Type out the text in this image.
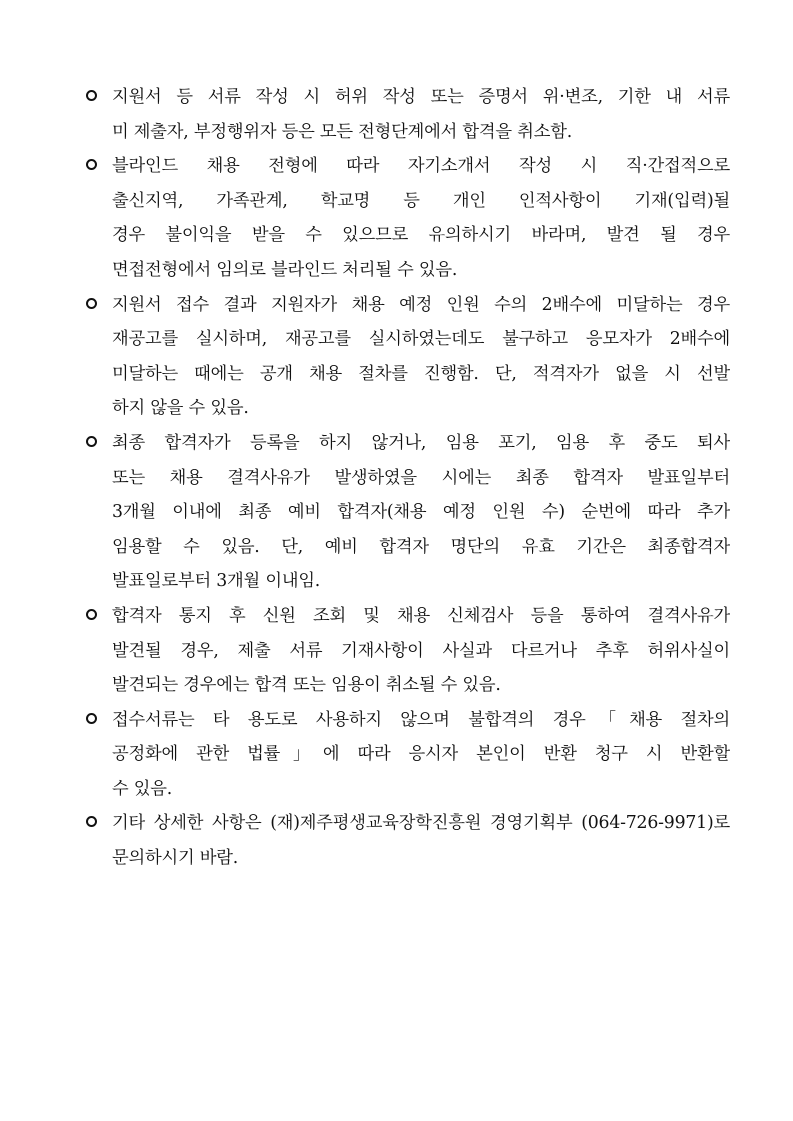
지원서 등 서류 작성 시 허위 작성 또는 증명서 위·변조, 기한 내 서류
미 제출자, 부정행위자 등은 모든 전형단계에서 합격을 취소함.
블라인드 채용 전형에 따라 자기소개서 작성 시 직·간접적으로
출신지역, 가족관계, 학교명 등 개인 인적사항이 기재(입력)될
경우 불이익을 받을 수 있으므로 유의하시기 바라며, 발견 될 경우
면접전형에서 임의로 블라인드 처리될 수 있음.
지원서 접수 결과 지원자가 채용 예정 인원 수의 2배수에 미달하는 경우
재공고를 실시하며, 재공고를 실시하였는데도 불구하고 응모자가 2배수에
미달하는 때에는 공개 채용 절차를 진행함. 단, 적격자가 없을 시 선발
하지 않을 수 있음.
최종 합격자가 등록을 하지 않거나, 임용 포기, 임용 후 중도 퇴사
또는 채용 결격사유가 발생하였을 시에는 최종 합격자 발표일부터
3개월 이내에 최종 예비 합격자(채용 예정 인원 수) 순번에 따라 추가
임용할 수 있음. 단, 예비 합격자 명단의 유효 기간은 최종합격자
발표일로부터 3개월 이내임.
합격자 통지 후 신원 조회 및 채용 신체검사 등을 통하여 결격사유가
발견될 경우, 제출 서류 기재사항이 사실과 다르거나 추후 허위사실이
발견되는 경우에는 합격 또는 임용이 취소될 수 있음.
접수서류는 타 용도로 사용하지 않으며 불합격의 경우「채용 절차의
공정화에 관한 법률」에 따라 응시자 본인이 반환 청구 시 반환할
수 있음.
기타 상세한 사항은 (재)제주평생교육장학진흥원 경영기획부 (064-726-9971)로
문의하시기 바람.
